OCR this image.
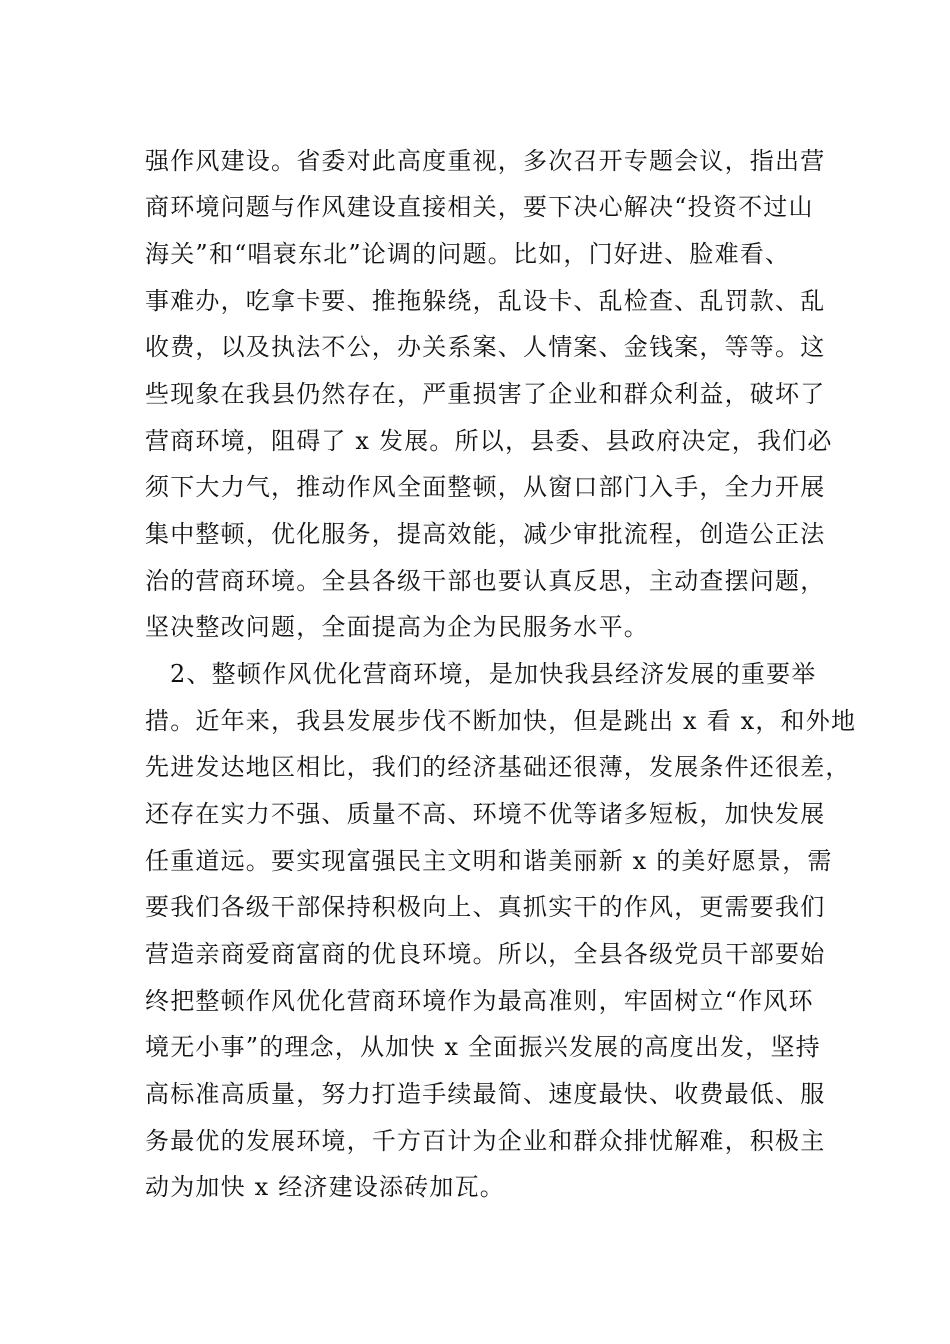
强作风建设。省委对此高度重视，多次召开专题会议，指出营
商环境问题与作风建设直接相关，要下决心解决“投资不过山
海关”和“唱衰东北”论调的问题。比如，门好进、脸难看、
事难办，吃拿卡要、推拖躲绕，乱设卡、乱检查、乱罚款、乱
收费，以及执法不公，办关系案、人情案、金钱案，等等。这
些现象在我县仍然存在，严重损害了企业和群众利益，破坏了
营商环境，阻碍了 x 发展。所以，县委、县政府决定，我们必
须下大力气，推动作风全面整顿，从窗口部门入手，全力开展
集中整顿，优化服务，提高效能，减少审批流程，创造公正法
治的营商环境。全县各级干部也要认真反思，主动查摆问题，
坚决整改问题，全面提高为企为民服务水平。
2、整顿作风优化营商环境，是加快我县经济发展的重要举
措。近年来，我县发展步伐不断加快，但是跳出 x 看 x，和外地
先进发达地区相比，我们的经济基础还很薄，发展条件还很差，
还存在实力不强、质量不高、环境不优等诸多短板，加快发展
任重道远。要实现富强民主文明和谐美丽新 x 的美好愿景，需
要我们各级干部保持积极向上、真抓实干的作风，更需要我们
营造亲商爱商富商的优良环境。所以，全县各级党员干部要始
终把整顿作风优化营商环境作为最高准则，牢固树立“作风环
境无小事”的理念，从加快 x 全面振兴发展的高度出发，坚持
高标准高质量，努力打造手续最简、速度最快、收费最低、服
务最优的发展环境，千方百计为企业和群众排忧解难，积极主
动为加快 x 经济建设添砖加瓦。
